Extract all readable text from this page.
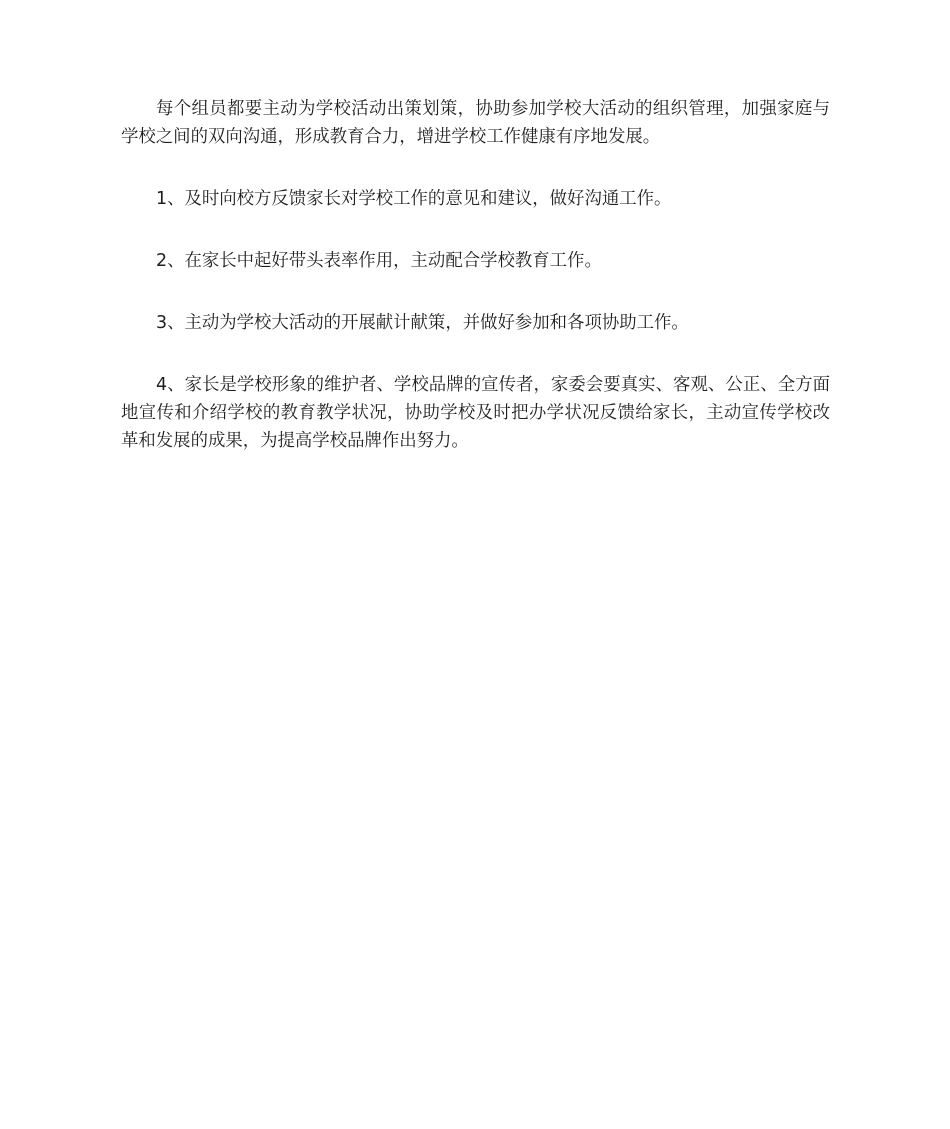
每个组员都要主动为学校活动出策划策，协助参加学校大活动的组织管理，加强家庭与学校之间的双向沟通，形成教育合力，增进学校工作健康有序地发展。

1、及时向校方反馈家长对学校工作的意见和建议，做好沟通工作。

2、在家长中起好带头表率作用，主动配合学校教育工作。

3、主动为学校大活动的开展献计献策，并做好参加和各项协助工作。

4、家长是学校形象的维护者、学校品牌的宣传者，家委会要真实、客观、公正、全方面地宣传和介绍学校的教育教学状况，协助学校及时把办学状况反馈给家长，主动宣传学校改革和发展的成果，为提高学校品牌作出努力。
